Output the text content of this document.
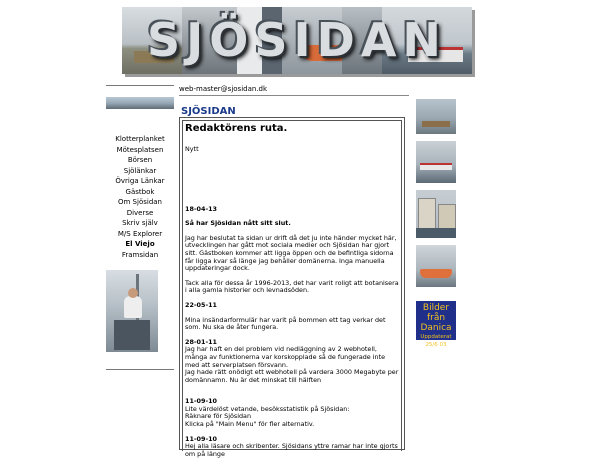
SJÖSIDAN
Klotterplanket
Mötesplatsen
Börsen
Sjölänkar
Övriga Länkar
Gästbok
Om Sjösidan
Diverse
Skriv själv
M/S Explorer
El Viejo
Framsidan
web-master@sjosidan.dk
SJÖSIDAN
Redaktörens ruta.

Nytt

18-04-13

Så har Sjösidan nått sitt slut.

Jag har beslutat ta sidan ur drift då det ju inte händer mycket här, utvecklingen har gått mot sociala medier och Sjösidan har gjort sitt. Gästboken kommer att ligga öppen och de befintliga sidorna får ligga kvar så länge jag behåller domänerna. Inga manuella uppdateringar dock.

Tack alla för dessa år 1996-2013, det har varit roligt att botanisera i alla gamla historier och levnadsöden.

22-05-11

Mina insändarformulär har varit på bommen ett tag verkar det som. Nu ska de åter fungera.

28-01-11

Jag har haft en del problem vid nedläggning av 2 webhotell, många av funktionerna var korskopplade så de fungerade inte med att serverplatsen försvann.

Jag hade rätt onödigt ett webhotell på vardera 3000 Megabyte per domännamn. Nu är det minskat till hälften

11-09-10

Lite värdelöst vetande, besöksstatistik på Sjösidan:

Räknare för Sjösidan

Klicka på "Main Menu" för fler alternativ.

11-09-10

Hej alla läsare och skribenter. Sjösidans yttre ramar har inte gjorts om på länge

Bilder från
Danica
Uppdaterat 25/6 03
